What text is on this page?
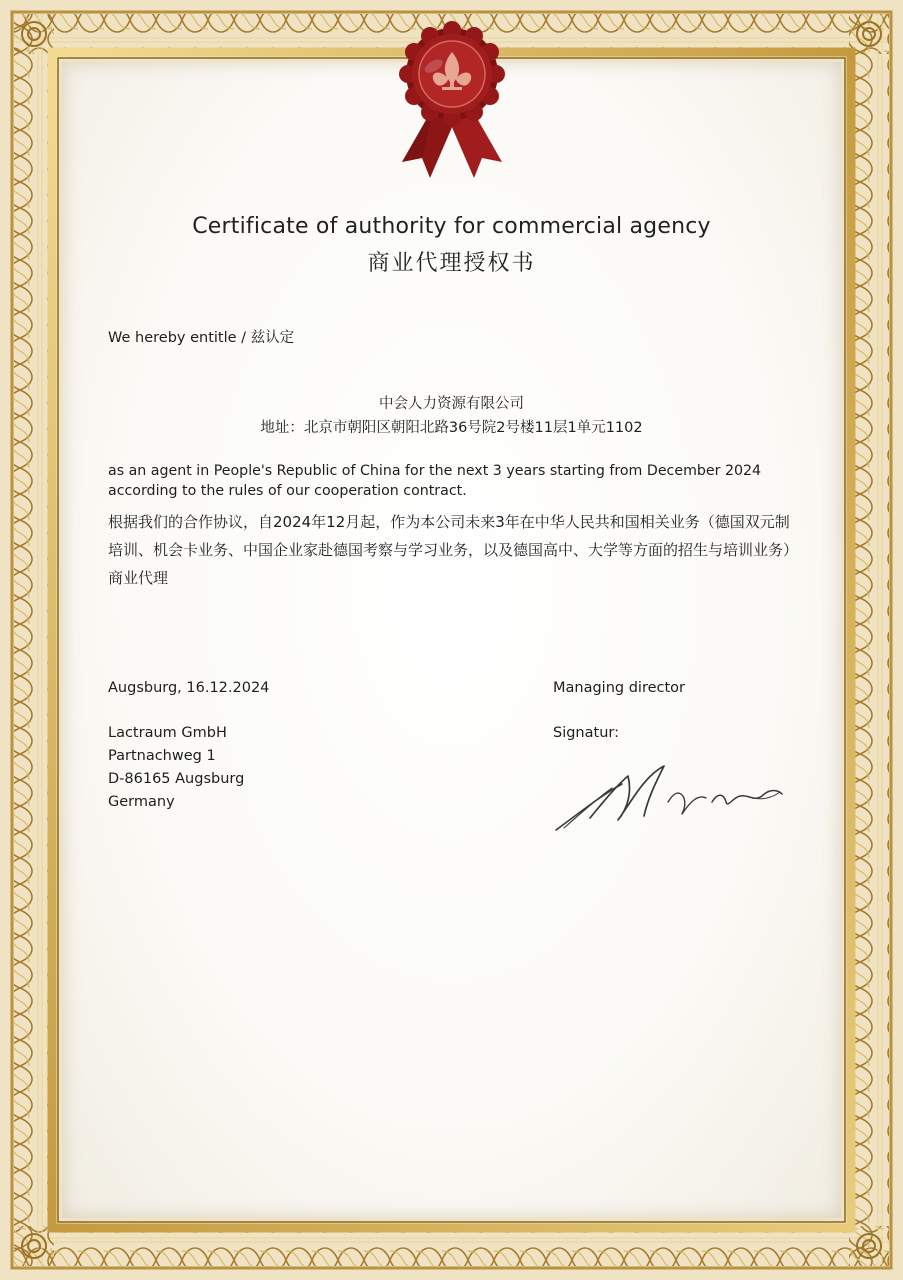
Certificate of authority for commercial agency
商业代理授权书
We hereby entitle / 兹认定
中会人力资源有限公司
地址：北京市朝阳区朝阳北路36号院2号楼11层1单元1102
as an agent in People's Republic of China for the next 3 years starting from December 2024 according to the rules of our cooperation contract.
根据我们的合作协议，自2024年12月起，作为本公司未来3年在中华人民共和国相关业务（德国双元制培训、机会卡业务、中国企业家赴德国考察与学习业务，以及德国高中、大学等方面的招生与培训业务）商业代理
Augsburg, 16.12.2024	Managing director
Lactraum GmbH
Partnachweg 1
D-86165 Augsburg
Germany
Signatur:
